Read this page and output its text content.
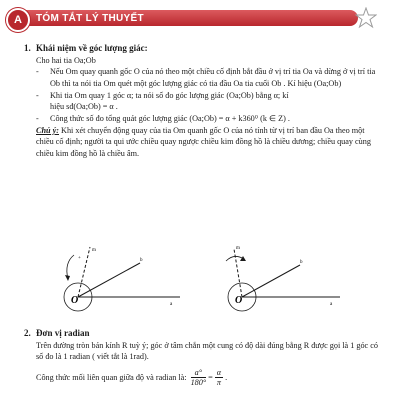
A	TÓM TẮT LÝ THUYẾT

1. Khái niệm về góc lượng giác:

Cho hai tia Oa;Ob

- Nếu Om quay quanh gốc O của nó theo một chiều cố định bắt đầu ở vị trí tia Oa và dừng ở vị trí tia Ob thì ta nói tia Om quét một góc lượng giác có tia đầu Oa tia cuối Ob . Kí hiệu (Oa;Ob)

- Khi tia Om quay 1 góc α; ta nói số đo góc lượng giác (Oa;Ob) bằng α; kí
hiệu sđ(Oa;Ob) = α .

- Công thức số đo tổng quát góc lượng giác (Oa;Ob) = α + k360⁰ (k ∈ Z) .

Chú ý: Khi xét chuyển động quay của tia Om quanh gốc O của nó tính từ vị trí ban đầu Oa theo một chiều cố định; người ta qui ước chiều quay ngược chiều kim đồng hồ là chiều dương; chiều quay cùng chiều kim đồng hồ là chiều âm.

O	a
b
m
+
O	a
b
m

2. Đơn vị radian

Trên đường tròn bán kính R tuỳ ý; góc ở tâm chắn một cung có độ dài đúng bằng R được gọi là 1 góc có số đo là 1 radian ( viết tắt là 1rad).

Công thức mối liên quan giữa độ và radian là: $\frac{a^\circ}{180^\circ} = \frac{\alpha}{\pi}$ .
